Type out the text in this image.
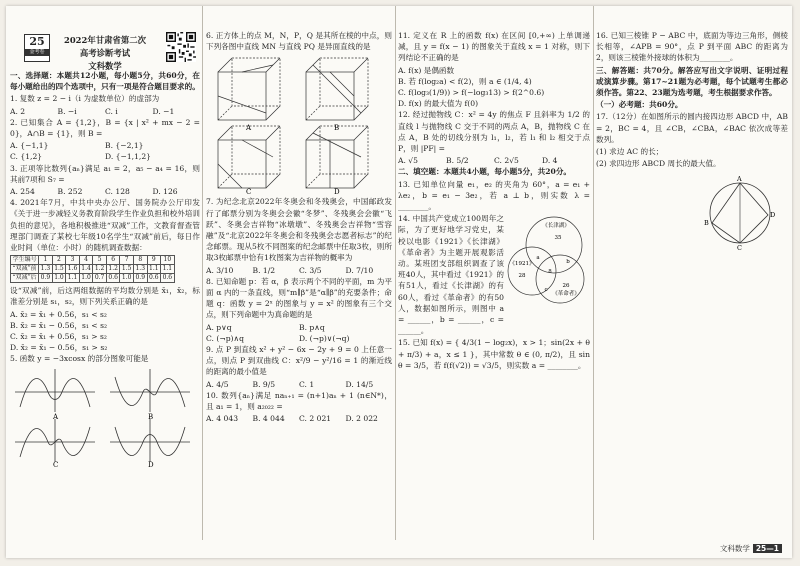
25
金考卷
2022年甘肃省第二次
高考诊断考试
文科数学

一、选择题：本题共12小题，每小题5分，共60分，在每小题给出的四个选项中，只有一项是符合题目要求的。

1. 复数 z = 2 − i（i 为虚数单位）的虚部为

A. 2	B. −i	C. i	D. −1

2. 已知集合 A = {1,2}，B = {x | x² + mx − 2 = 0}，A∩B = {1}，则 B =

A. {−1,1}	B. {−2,1}
C. {1,2}	D. {−1,1,2}

3. 正项等比数列{aₙ}满足 a₁ = 2，a₅ − a₄ = 16，则其前7项和 S₇ =

A. 254	B. 252	C. 128	D. 126

4. 2021年7月，中共中央办公厅、国务院办公厅印发《关于进一步减轻义务教育阶段学生作业负担和校外培训负担的意见》，各地积极推进“双减”工作，文教育督查管理部门调查了某校七年级10名学生“双减”前后，每日作业时间（单位：小时）的随机调查数据：

学生编号	1	2	3	4	5	6	7	8	9	10
“双减”前	1.3	1.5	1.6	1.4	1.2	1.2	1.5	1.3	1.1	1.1
“双减”后	0.9	1.0	1.1	1.0	0.7	0.6	1.0	0.9	0.6	0.6

设“双减”前，后这两组数据的平均数分别是 x̄₁，x̄₂，标准差分别是 s₁，s₂，则下列关系正确的是

A. x̄₂ = x̄₁ + 0.56，s₁ < s₂
B. x̄₂ = x̄₁ − 0.56，s₁ < s₂
C. x̄₂ = x̄₁ + 0.56，s₁ > s₂
D. x̄₂ = x̄₁ − 0.56，s₁ > s₂

5. 函数 y = −3xcosx 的部分图象可能是

A	B
C	D

6. 正方体上的点 M，N，P，Q 是其所在棱的中点，则下列各图中直线 MN 与直线 PQ 是异面直线的是

A	B
C	D

7. 为纪念北京2022年冬奥会和冬残奥会，中国邮政发行了邮票分别为冬奥会会徽“冬梦”、冬残奥会会徽“飞跃”、冬奥会吉祥物“冰墩墩”、冬残奥会吉祥物“雪容融”及“北京2022年冬奥会和冬残奥会志愿者标志”的纪念邮票。现从5枚不同图案的纪念邮票中任取3枚，则所取3枚邮票中恰有1枚图案为吉祥物的概率为

A. 3/10	B. 1/2	C. 3/5	D. 7/10

8. 已知命题 p：若 α，β 表示两个不同的平面，m 为平面 α 内的一条直线，则“m∥β”是“α∥β”的充要条件；命题 q：函数 y = 2ˣ 的图象与 y = x² 的图象有三个交点，则下列命题中为真命题的是

A. p∨q	B. p∧q
C. (¬p)∧q	D. (¬p)∨(¬q)

9. 点 P 到直线 x² + y² − 6x − 2y + 9 = 0 上任意一点，则点 P 到双曲线 C：x²/9 − y²/16 = 1 的渐近线的距离的最小值是

A. 4/5	B. 9/5	C. 1	D. 14/5

10. 数列{aₙ}满足 naₙ₊₁ = (n+1)aₙ + 1 (n∈N*)，且 a₁ = 1，则 a₂₀₂₂ =

A. 4 043	B. 4 044	C. 2 021	D. 2 022

11. 定义在 R 上的函数 f(x) 在区间 [0,+∞) 上单调递减，且 y = f(x − 1) 的图象关于直线 x = 1 对称，则下列结论不正确的是

A. f(x) 是偶函数
B. 若 f(log₂a) < f(2)，则 a ∈ (1/4, 4)
C. f(log₃(1/9)) > f(−log₃13) > f(2^0.6)
D. f(x) 的最大值为 f(0)

12. 经过抛物线 C：x² = 4y 的焦点 F 且斜率为 1/2 的直线 l 与抛物线 C 交于不同的两点 A，B，抛物线 C 在点 A，B 处的切线分别为 l₁，l₂，若 l₁ 和 l₂ 相交于点 P，则 |PF| =

A. √5	B. 5/2	C. 2√5	D. 4

二、填空题：本题共4小题，每小题5分，共20分。

13. 已知单位向量 e₁，e₂ 的夹角为 60°，a = e₁ + λe₂，b = e₁ − 3e₂，若 a ⊥ b，则实数 λ = ________。

14. 中国共产党成立100周年之际，为了更好地学习党史，某校以电影《1921》《长津湖》《革命者》为主题开展观影活动。某班团支部组织调查了该班40人，其中看过《1921》的有51人，看过《长津湖》的有60人，看过《革命者》的有50人，数据如图所示，则图中 a = ______，b = ______，c = ______。

《长津湖》
《1921》
《革命者》
35
28
26
a
b
c
8

15. 已知 f(x) = { 4/3(1 − log₂x)，x > 1；sin(2x + θ + π/3) + a，x ≤ 1 }，其中常数 θ ∈ (0, π/2)，且 sin θ = 3/5，若 f(f(√2)) = √3/5，则实数 a = ________。

16. 已知三棱锥 P − ABC 中，底面为等边三角形，侧棱长相等，∠APB = 90°，点 P 到平面 ABC 的距离为 2，则该三棱锥外接球的体积为________。

三、解答题：共70分。解答应写出文字说明、证明过程或演算步骤。第17~21题为必考题，每个试题考生都必须作答。第22、23题为选考题，考生根据要求作答。

（一）必考题：共60分。

17.（12分）在如图所示的圆内接四边形 ABCD 中，AB = 2，BC = 4，且 ∠CB，∠CBA，∠BAC 依次成等差数列。

(1) 求边 AC 的长；

(2) 求四边形 ABCD 周长的最大值。

A
B
C
D
文科数学 25—1
